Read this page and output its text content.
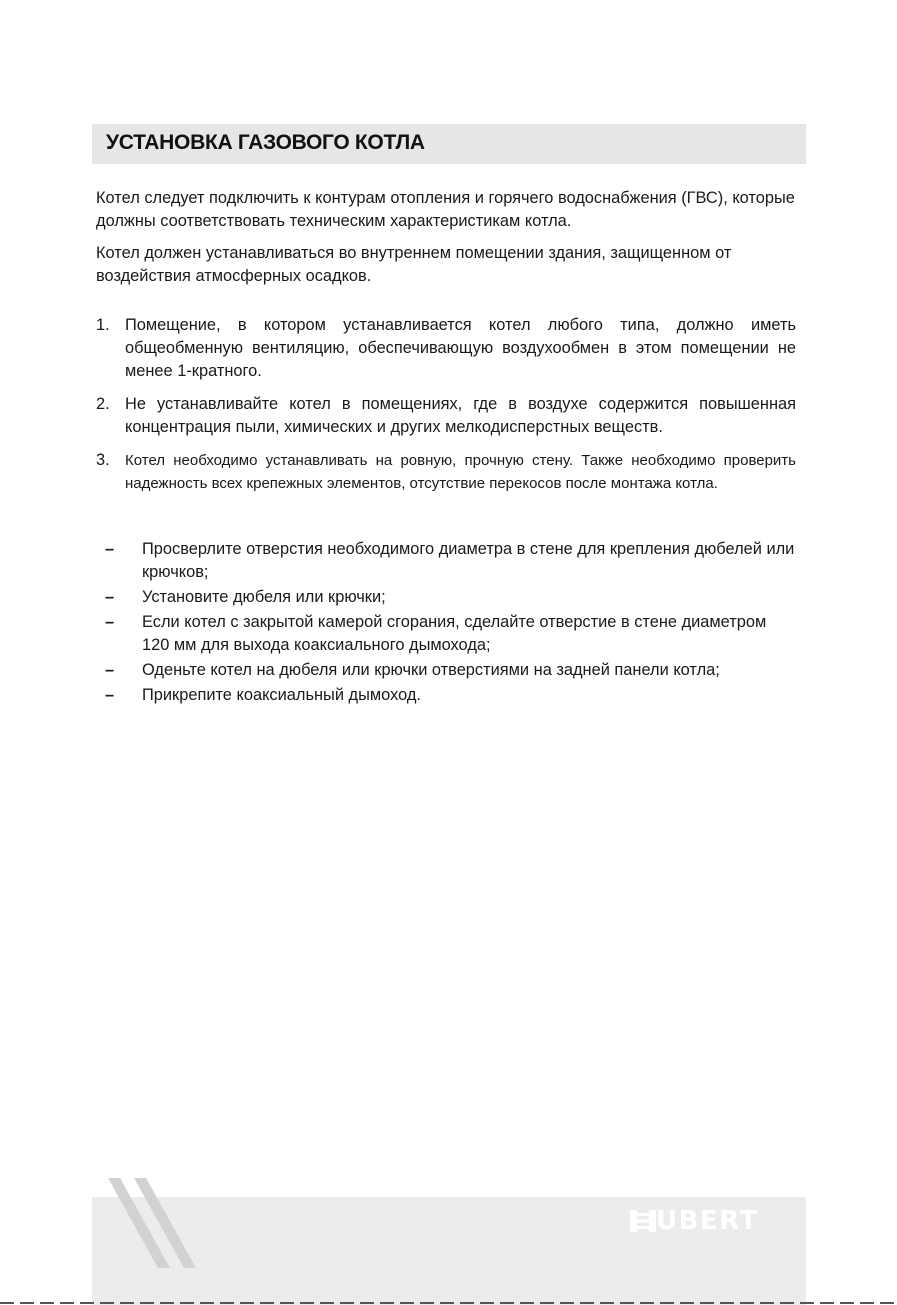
УСТАНОВКА ГАЗОВОГО КОТЛА

Котел следует подключить к контурам отопления и горячего водоснабжения (ГВС), которые должны соответствовать техническим характеристикам котла.

Котел должен устанавливаться во внутреннем помещении здания, защищенном от воздействия атмосферных осадков.

1. Помещение, в котором устанавливается котел любого типа, должно иметь общеобменную вентиляцию, обеспечивающую воздухообмен в этом помещении не менее 1-кратного.
2. Не устанавливайте котел в помещениях, где в воздухе содержится повышенная концентрация пыли, химических и других мелкодисперстных веществ.
3. Котел необходимо устанавливать на ровную, прочную стену. Также необходимо проверить надежность всех крепежных элементов, отсутствие перекосов после монтажа котла.
– Просверлите отверстия необходимого диаметра в стене для крепления дюбелей или крючков;
– Установите дюбеля или крючки;
– Если котел с закрытой камерой сгорания, сделайте отверстие в стене диаметром 120 мм для выхода коаксиального дымохода;
– Оденьте котел на дюбеля или крючки отверстиями на задней панели котла;
– Прикрепите коаксиальный дымоход.
UBERT
